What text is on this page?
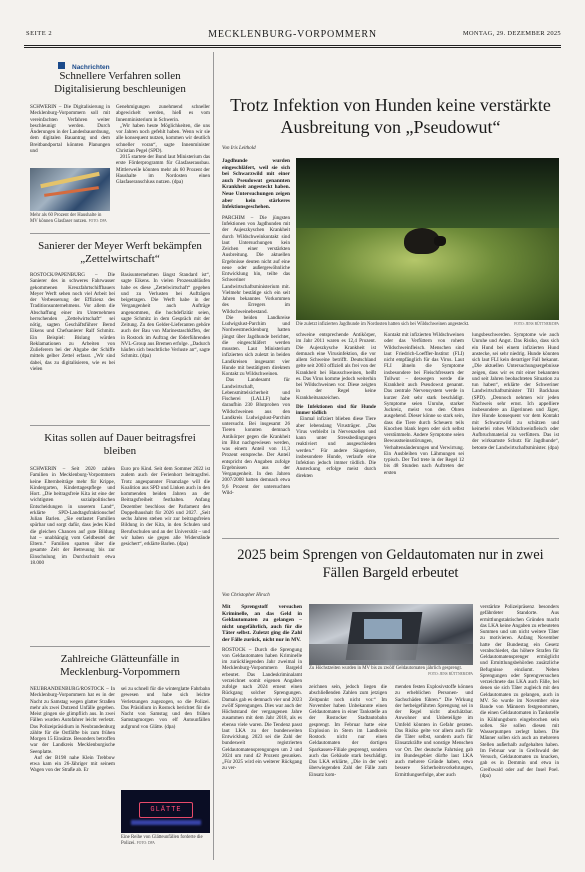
SEITE 2	MECKLENBURG-VORPOMMERN	MONTAG, 29. DEZEMBER 2025
Nachrichten
Schnellere Verfahren sollen Digitalisierung beschleunigen

SCHWERIN – Die Digitalisierung in Mecklenburg-Vorpommern soll mit vereinfachten Verfahren weiter beschleunigt werden. Durch Änderungen in der Landesbauordnung, dem digitalen Bauantrag und dem Breitbandportal könnten Planungen und

Genehmigungen zunehmend schneller abgewickelt werden, hieß es vom Innenministerium in Schwerin.

„Wir haben heute Möglichkeiten, die uns vor Jahren noch gefehlt haben. Wenn wir sie alle konsequent nutzen, kommen wir deutlich schneller voran“, sagte Innenminister Christian Pegel (SPD).

2015 startete der Bund laut Ministerium das erste Förderprogramm für Glasfaserausbau. Mittlerweile könnten mehr als 60 Prozent der Haushalte im Nordosten einen Glasfaseranschluss nutzen. (dpa)

Mehr als 60 Prozent der Haushalte in MV können Glasfaser nutzen. FOTO: DPA
Sanierer der Meyer Werft bekämpfen „Zettelwirtschaft“

ROSTOCK/PAPENBURG – Die Sanierer des in schweres Fahrwasser gekommenen Kreuzfahrtschiffbauers Meyer Werft sehen noch viel Arbeit bei der Verbesserung der Effizienz des Traditionsunternehmens. Vor allem die Abschaffung einer im Unternehmen herrschenden „Zettelwirtschaft“ sei nötig, sagten Geschäftsführer Bernd Eikens und Chefsanierer Ralf Schmitz. Ein Beispiel: Bislang würden Reklamationen zu Arbeiten von Zulieferern bei der Abgabe der Schiffe mittels gelber Zettel erfasst. „Wir sind dabei, das zu digitalisieren, wie es bei vielen

Basisunternehmen längst Standard ist“, sagte Eikens. In vielen Prozessabläufen habe es diese „Zettelwirtschaft“ gegeben und zu Verlusten bei Aufträgen beigetragen. Die Werft habe in der Vergangenheit auch Aufträge angenommen, die hochdefizitär seien, sagte Schmitz in dem Gespräch mit der Zeitung. Zu den Gelder-Lieferanten gehöre auch der Bau von Marinestaschkffen, der in Rostock im Auftrag der föderführenden NVL-Group aus Bremen erfolge. „Dadurch häufen sich beachtliche Verluste an“, sagte Schmitz. (dpa)

Kitas sollen auf Dauer beitragsfrei bleiben

SCHWERIN – Seit 2020 zahlen Familien in Mecklenburg-Vorpommern keine Elternbeiträge mehr für Krippe, Kindergarten, Kindertagespflege und Hort. „Die beitragsfreie Kita ist eine der wichtigsten sozialpolitischen Entscheidungen in unserem Land“, erklärte SPD-Landtagsfraktionschef Julian Barlen. „Sie entlastet Familien spürbar und sorgt dafür, dass jedes Kind die gleichen Chancen auf gute Bildung hat – unabhängig vom Geldbeutel der Eltern.“ Familien sparten über die gesamte Zeit der Betreuung bis zur Einschulung im Durchschnitt etwa 18.000

Euro pro Kind. Seit dem Sommer 2022 ist zudem auch der Ferienhort beitragsfrei. Trotz angespannter Finanzlage will die Koalition aus SPD und Linken auch in den kommenden beiden Jahren an der Beitragsfreiheit festhalten. Anfang Dezember beschloss der Parlament den Doppelhaushalt für 2026 und 2027. „Seit sechs Jahren stehen wir zur beitragsfreien Bildung in der Kita, in den Schulen und Berufsschulen und an der Universität – und wir haben sie gegen alle Widerstände gesichert“, erklärte Barlen. (dpa)

Zahlreiche Glätteunfälle in Mecklenburg-Vorpommern

NEUBRANDENBURG/ROSTOCK – In Mecklenburg-Vorpommern hat es in der Nacht zu Samstag wegen glatter Straßen mehr als zwei Dutzend Unfälle gegeben. Meist gingen sie glimpflich aus. In zwei Fällen wurden Autofahrer leicht verletzt. Das Polizeipräsidium in Neubrandenburg zählte für die Ostfälfte bis zum frühen Morgen 15 Einsätze. Besonders betroffen war der Landkreis Mecklenburgische Seenplatte.

Auf der B198 nahe Klein Trebbow etwa kam ein 26-Jähriger mit seinem Wagen von der Straße ab. Er

sei zu schnell für die winterglatte Fahrbahn gewesen und habe sich leichte Verletzungen zugezogen, so die Polizei. Das Präsidium in Rostock berichtet für die Nacht von Samstag und den frühen Samstagmorgen von elf Autounfällen aufgrund von Glätte. (dpa)

GLÄTTE
Eine Reihe von Glätteunfällen forderte die Polizei. FOTO: DPA
Trotz Infektion von Hunden keine verstärkte Ausbreitung von „Pseudowut“
Von Iris Leithold

Jagdhunde wurden eingeschläfert, weil sie sich bei Schwarzwild mit einer auch Pseudowut genannten Krankheit angesteckt haben. Neue Untersuchungen zeigen aber kein stärkeres Infektionsgeschehen.

PARCHIM – Die jüngsten Infektionen von Jagdhunden mit der Aujeszkyschen Krankheit durch Wildschweinkontakt sind laut Untersuchungen kein Zeichen einer verstärkten Ausbreitung. Die aktuellen Ergebnisse deuten nicht auf eine neue oder außergewöhnliche Entwicklung hin, teilte das Schweriner Landwirtschaftsministerium mit. Vielmehr bestätige sich ein seit Jahren bekanntes Vorkommen des Erregers im Wildschweinebestand.

Die beiden Landkreise Ludwigslust-Parchim und Nordwestmecklenburg hatten jüngst über Jagdhunde berichtet, die eingeschläfert werden mussten. Laut Ministerium infizierten sich zuletzt in beiden Landkreisen insgesamt vier Hunde mit bestätigtem direktem Kontakt zu Wildschweinen.

Das Landesamt für Landwirtschaft, Lebensmittelsicherheit und Fischerei (LALLF) habe daraufhin 230 Blutproben von Wildschweinen aus den Landkreis Ludwigslust-Parchim untersucht. Bei insgesamt 26 Tieren konnten demnach Antikörper gegen die Krankheit im Blut nachgewiesen werden, was einem Anteil von 11,3 Prozent entspreche. Der Anteil entspricht den Angaben zufolge Ergebnissen aus der Vergangenheit. In den Jahren 2007/2008 hatten demnach etwa 9,6 Prozent der untersuchten Wild-

Die zuletzt infizierten Jagdhunde im Nordosten hatten sich bei Wildschweinen angesteckt.	FOTO: JENS BÜTTNER/DPA

schweine entsprechende Antikörper, im Jahr 2011 waren es 12,4 Prozent. Die Aujeszkysche Krankheit ist demnach eine Virusinfektion, die vor allem Schweine betrifft. Deutschland gelte seit 2003 offiziell als frei von der Krankheit bei Hausschweinen, heißt es. Das Virus komme jedoch weiterhin bei Wildschweinen vor. Diese zeigten in der Regel keine Krankheitsanzeichen.

Die Infektionen sind für Hunde immer tödlich

Einmal infiziert blieben diese Tiere aber lebenslang Virusträger. „Das Virus verbleibt in Nervenzellen und kann unter Stressbedingungen reaktiviert und ausgeschieden werden.“ Für andere Säugetiere, insbesondere Hunde, verlaufe eine Infektion jedoch immer tödlich. Die Ansteckung erfolge meist durch direkten

Kontakt mit infizierten Wildschweinen oder das Verfüttern von rohem Wildschweinfleisch. Menschen sind laut Friedrich-Loeffler-Institut (FLI) nicht empfänglich für das Virus. Laut FLI ähneln die Symptome insbesondere bei Fleischfressern der Tollwut – deswegen werde die Krankheit auch Pseudowut genannt. Das zentrale Nervensystem werde in kurzer Zeit sehr stark beschädigt. Symptome seien Unruhe, starker Juckreiz, meist von den Ohren ausgehend. Dieser könne so stark sein, dass die Tiere durch Scheuern teils Knochen blank legen oder sich selbst verstümmeln. Andere Symptome seien Bewusstseinsstörungen, Verhaltensänderungen und Verwirrung. Ein Ausbleiben von Lähmungen sei typisch. Der Tod trete in der Regel 12 bis 48 Stunden nach Auftreten der ersten

lungsbeschwerden. Symptome wie auch Unruhe und Angst. Das Risiko, dass sich ein Hund bei einem infizierten Hund anstecke, sei sehr niedrig. Hunde könnten sich laut FLI kein derartiger Fall bekannt. „Die aktuellen Untersuchungsergebnisse zeigen, dass wir es mit einer bekannten und seit Jahren beobachteten Situation zu tun haben“, erklärte der Schweriner Landwirtschaftsminister Till Backhaus (SPD). „Dennoch nehmen wir jeden Nachweis sehr ernst. Ich appelliere insbesondere an Jägerinnen und Jäger, ihre Hunde konsequent vor dem Kontakt mit Schwarzwild zu schützen und keinerlei rohes Wildschweinfleisch oder Aufbruchmaterial zu verfüttern. Das ist der wirksamste Schutz für Jagdhunde“, betonte der Landwirtschaftsminister. (dpa)

2025 beim Sprengen von Geldautomaten nur in zwei Fällen Bargeld erbeutet
Von Christopher Hirsch

Mit Sprengstoff versuchen Kriminelle, an das Geld in Geldautomaten zu gelangen – nicht ungefährlich, auch für die Täter selbst. Zuletzt ging die Zahl der Fälle zurück, nicht nur in MV.

ROSTOCK – Durch die Sprengung von Geldautomaten haben Kriminelle im zurückliegenden Jahr zweimal in Mecklenburg-Vorpommern Bargeld erbeutet. Das Landeskriminalamt verzeichnet somit eigenen Angaben zufolge nach 2024 erneut einen Rückgang solcher Sprengungen. Damals gab es demnach vier und 2023 zwölf Sprengungen. Dies war auch der Höchststand der vergangenen Jahre zusammen mit dem Jahr 2018, als es ebenso viele waren. Die Tendenz passt laut LKA zu der bundesweiten Entwicklung. 2023 sei die Zahl der bundesweit registrierten Geldautomatensprengungen um 2 und 2024 um rund 42 Prozent gesunken. „Für 2025 wird ein weiterer Rückgang zu ver-

Zu Höchstzeiten wurden in MV bis zu zwölf Geldautomaten jährlich gesprengt.
FOTO: JENS BÜTTNER/DPA

zeichnen sein, jedoch liegen die abschließenden Zahlen zum jetzigen Zeitpunkt noch nicht vor.“ Im November haben Unbekannte einen Geldautomaten in einer Tankstelle an der Rostocker Stadtautobahn gesprengt. Im Februar hatte eine Explosion in Stern im Landkreis Rostock nicht nur einen Geldautomaten der dortigen Sparkassen-Filiale gesprengt, sondern auch das Gebäude stark beschädigt. Das LKA erklärte, „Die in der weit überwiegenden Zahl der Fälle zum Einsatz kom-

menden festen Explosivstoffe können zu erheblichen Personen- und Sachschäden führen.“ Die Wirkung der herbeigeführten Sprengung sei in der Regel nicht abschätzbar. Anwohner und Unbeteiligte im Umfeld könnten in Gefahr geraten. Das Risiko gelte vor allem auch für die Täter selbst, sondern auch für Einsatzkräfte und sonstige Menschen vor Ort. Der deutsche Fahrtsieg gab im Bundesgebiet dürfte laut LKA auch mehrere Gründe haben, etwa bessere Sicherheitsvorkehrungen, Ermittlungserfolge, aber auch

verstärkte Polizeipräsenz besonders gefährdeter Standorte. Aus ermittlungstaktischen Gründen macht das LKA keine Angaben zu erbeuteten Summen und um nicht weitere Täter zu motivieren. Anfang November hatte der Bundestag ein Gesetz verabschiedet, das höhere Strafen für Geldautomatensprenger ermöglicht und Ermittlungsbehörden zusätzliche Befugnisse einräumt. Neben Sprengungen oder Sprengversuchen verzeichnete das LKA auch Fälle, bei denen sie sich Täter zugleich mit den Geldautomaten zu gelangen, auch in MV. So wurde im November eine Bande von Männern festgenommen, die einen Geldautomaten in Tankstelle in Kühlungsborn eingebrochen sein sollen. Sie sollen diesen mit Wasserpumpen zerlegt haben. Die Männer sollen sich auch an mehreren Stellen außerhalb aufgehalten haben. Im Februar war in Greifswald der Versuch, Geldautomaten zu knacken, gab es in Demmin und etwa in Greifswald oder auf der Insel Poel. (dpa)
